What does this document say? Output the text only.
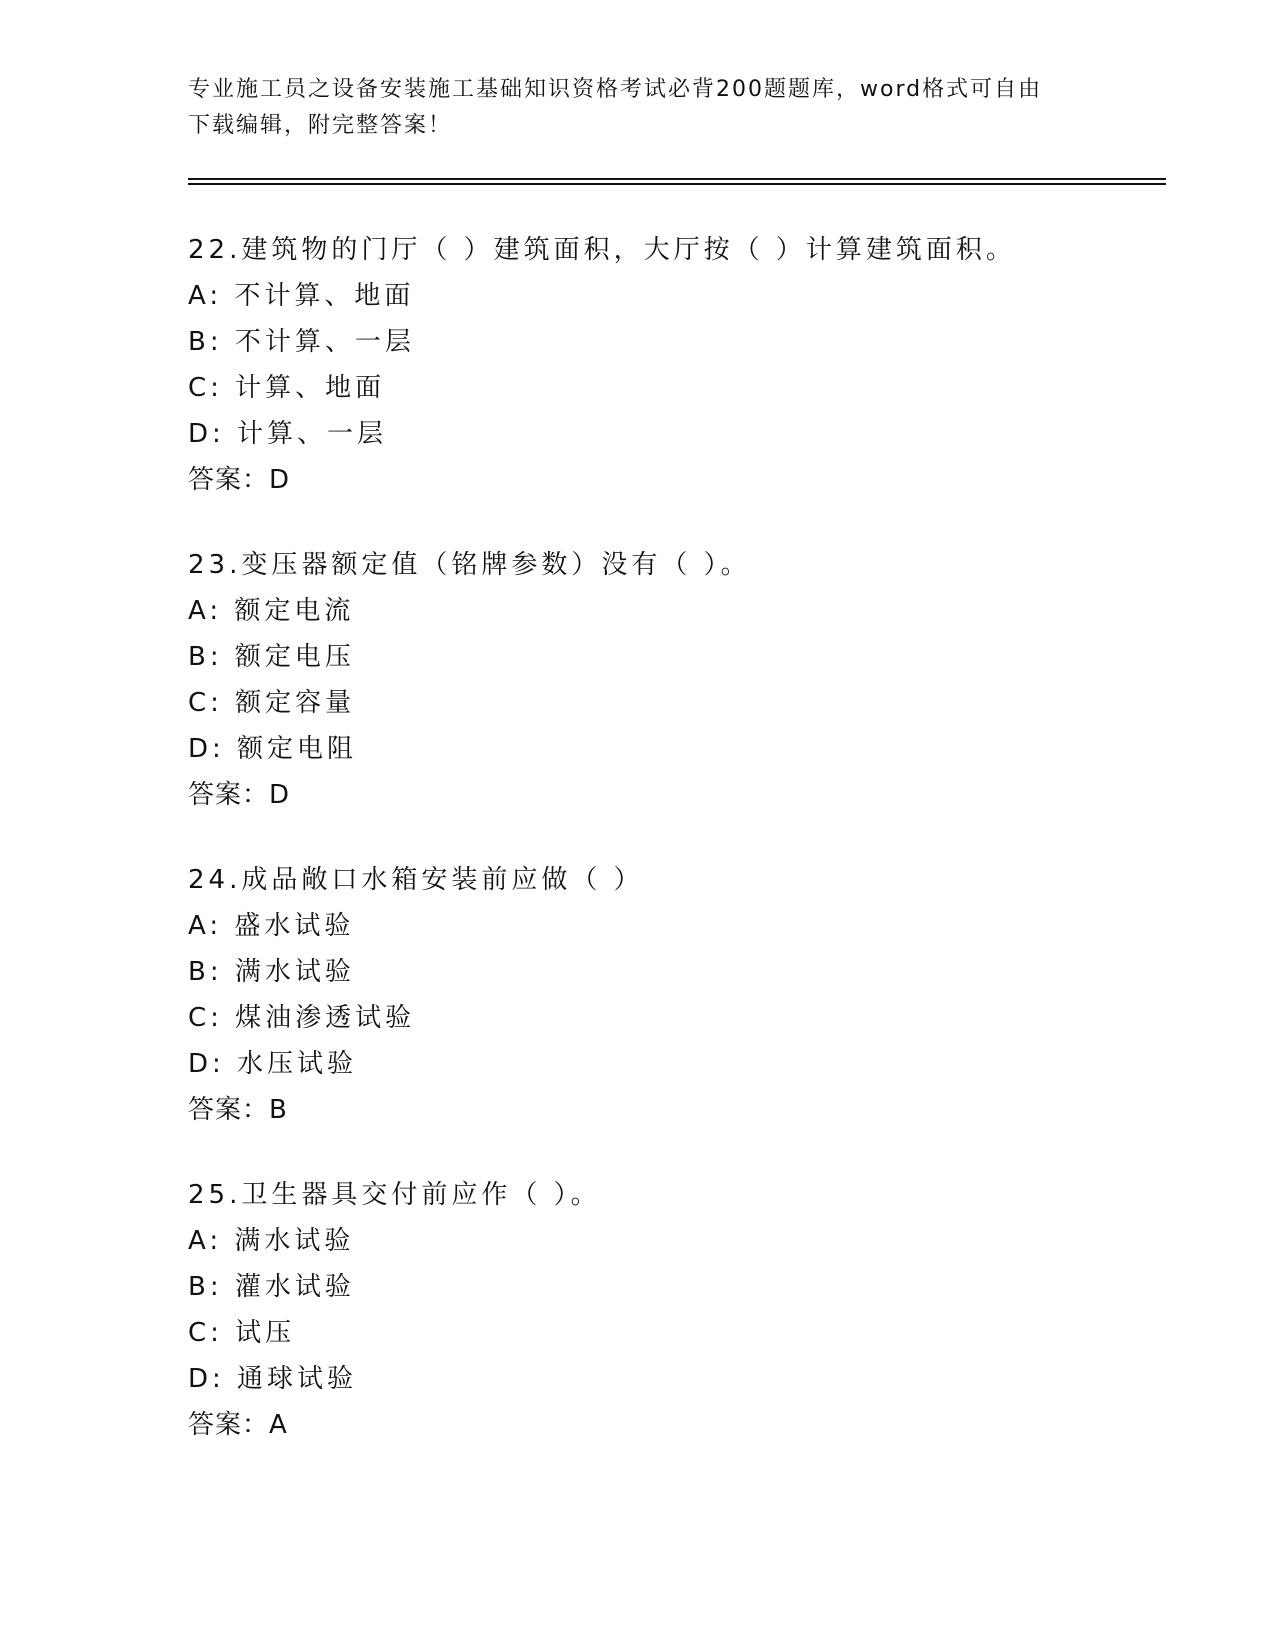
专业施工员之设备安装施工基础知识资格考试必背200题题库，word格式可自由
下载编辑，附完整答案！
22.建筑物的门厅（ ）建筑面积，大厅按（ ）计算建筑面积。
A: 不计算、地面
B: 不计算、一层
C: 计算、地面
D: 计算、一层
答案：D
23.变压器额定值（铭牌参数）没有（ ）。
A: 额定电流
B: 额定电压
C: 额定容量
D: 额定电阻
答案：D
24.成品敞口水箱安装前应做（ ）
A: 盛水试验
B: 满水试验
C: 煤油渗透试验
D: 水压试验
答案：B
25.卫生器具交付前应作（ ）。
A: 满水试验
B: 灌水试验
C: 试压
D: 通球试验
答案：A
